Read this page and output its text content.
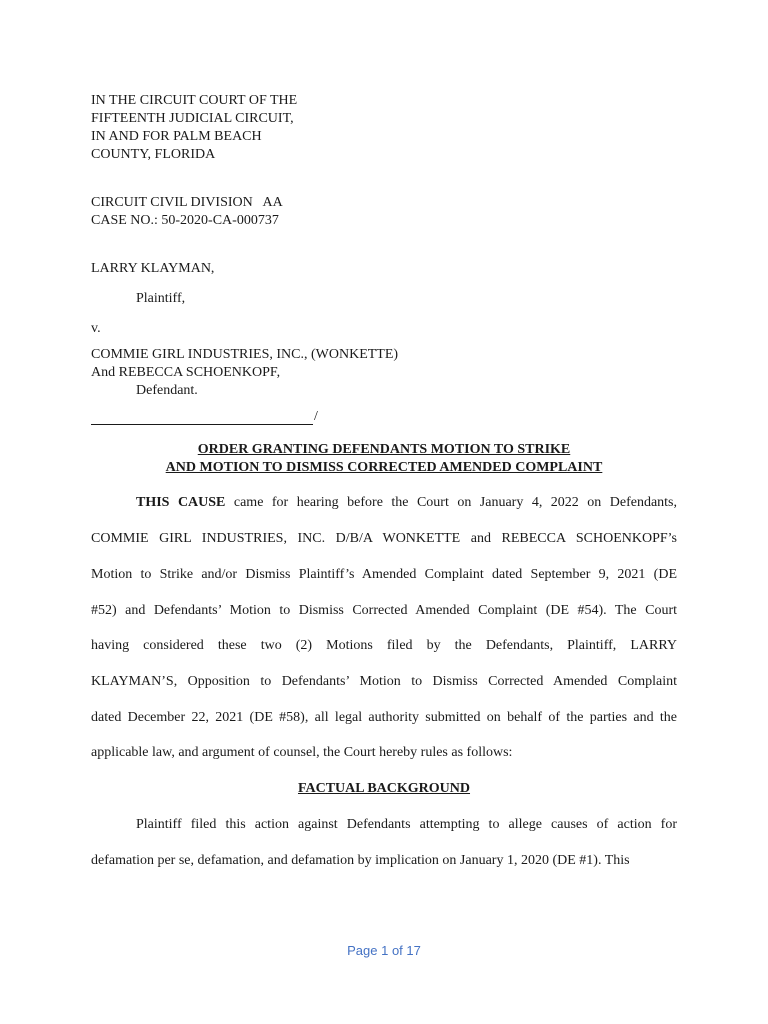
IN THE CIRCUIT COURT OF THE
FIFTEENTH JUDICIAL CIRCUIT,
IN AND FOR PALM BEACH
COUNTY, FLORIDA
CIRCUIT CIVIL DIVISION   AA
CASE NO.: 50-2020-CA-000737
LARRY KLAYMAN,
Plaintiff,
v.
COMMIE GIRL INDUSTRIES, INC., (WONKETTE)
And REBECCA SCHOENKOPF,
Defendant.
/
ORDER GRANTING DEFENDANTS MOTION TO STRIKE
AND MOTION TO DISMISS CORRECTED AMENDED COMPLAINT
THIS CAUSE came for hearing before the Court on January 4, 2022 on Defendants,
COMMIE GIRL INDUSTRIES, INC. D/B/A WONKETTE and REBECCA SCHOENKOPF’s
Motion to Strike and/or Dismiss Plaintiff’s Amended Complaint dated September 9, 2021 (DE
#52) and Defendants’ Motion to Dismiss Corrected Amended Complaint (DE #54). The Court
having considered these two (2) Motions filed by the Defendants, Plaintiff, LARRY
KLAYMAN’S, Opposition to Defendants’ Motion to Dismiss Corrected Amended Complaint
dated December 22, 2021 (DE #58), all legal authority submitted on behalf of the parties and the
applicable law, and argument of counsel, the Court hereby rules as follows:
FACTUAL BACKGROUND
Plaintiff filed this action against Defendants attempting to allege causes of action for
defamation per se, defamation, and defamation by implication on January 1, 2020 (DE #1). This
Page 1 of 17
